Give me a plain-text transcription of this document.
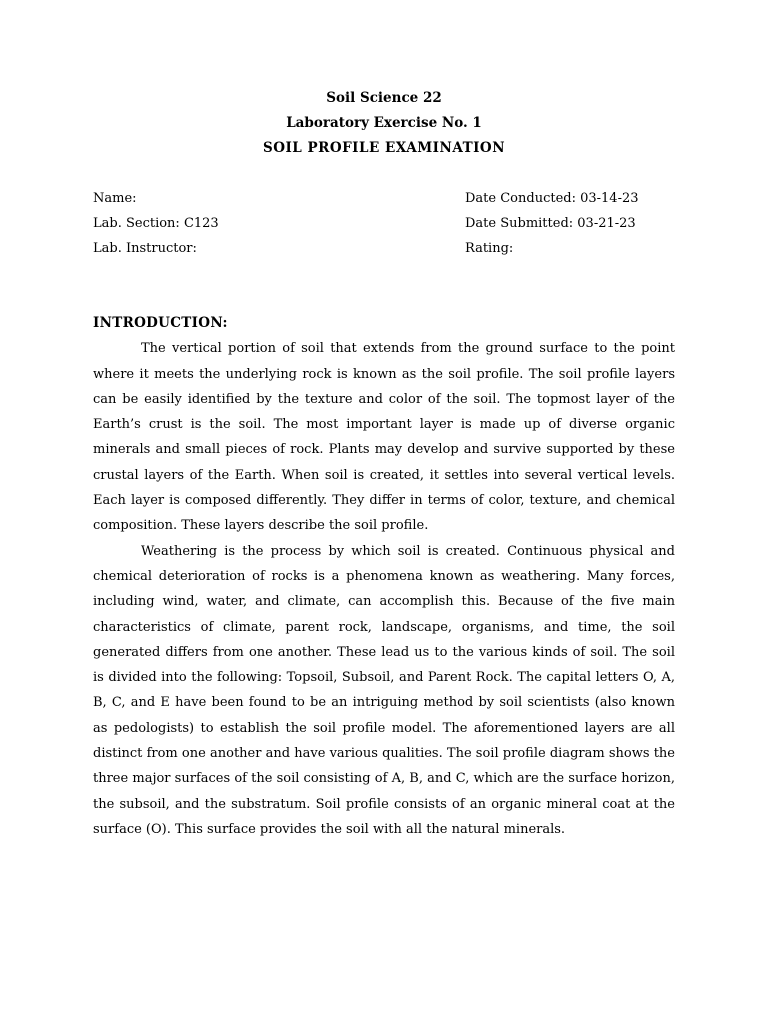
Soil Science 22
Laboratory Exercise No. 1
SOIL PROFILE EXAMINATION
Name:	Date Conducted: 03-14-23
Lab. Section: C123	Date Submitted: 03-21-23
Lab. Instructor:	Rating:
INTRODUCTION:

The vertical portion of soil that extends from the ground surface to the point where it meets the underlying rock is known as the soil profile. The soil profile layers can be easily identified by the texture and color of the soil. The topmost layer of the Earth’s crust is the soil. The most important layer is made up of diverse organic minerals and small pieces of rock. Plants may develop and survive supported by these crustal layers of the Earth. When soil is created, it settles into several vertical levels. Each layer is composed differently. They differ in terms of color, texture, and chemical composition. These layers describe the soil profile.

Weathering is the process by which soil is created. Continuous physical and chemical deterioration of rocks is a phenomena known as weathering. Many forces, including wind, water, and climate, can accomplish this. Because of the five main characteristics of climate, parent rock, landscape, organisms, and time, the soil generated differs from one another. These lead us to the various kinds of soil. The soil is divided into the following: Topsoil, Subsoil, and Parent Rock. The capital letters O, A, B, C, and E have been found to be an intriguing method by soil scientists (also known as pedologists) to establish the soil profile model. The aforementioned layers are all distinct from one another and have various qualities. The soil profile diagram shows the three major surfaces of the soil consisting of A, B, and C, which are the surface horizon, the subsoil, and the substratum. Soil profile consists of an organic mineral coat at the surface (O). This surface provides the soil with all the natural minerals.
